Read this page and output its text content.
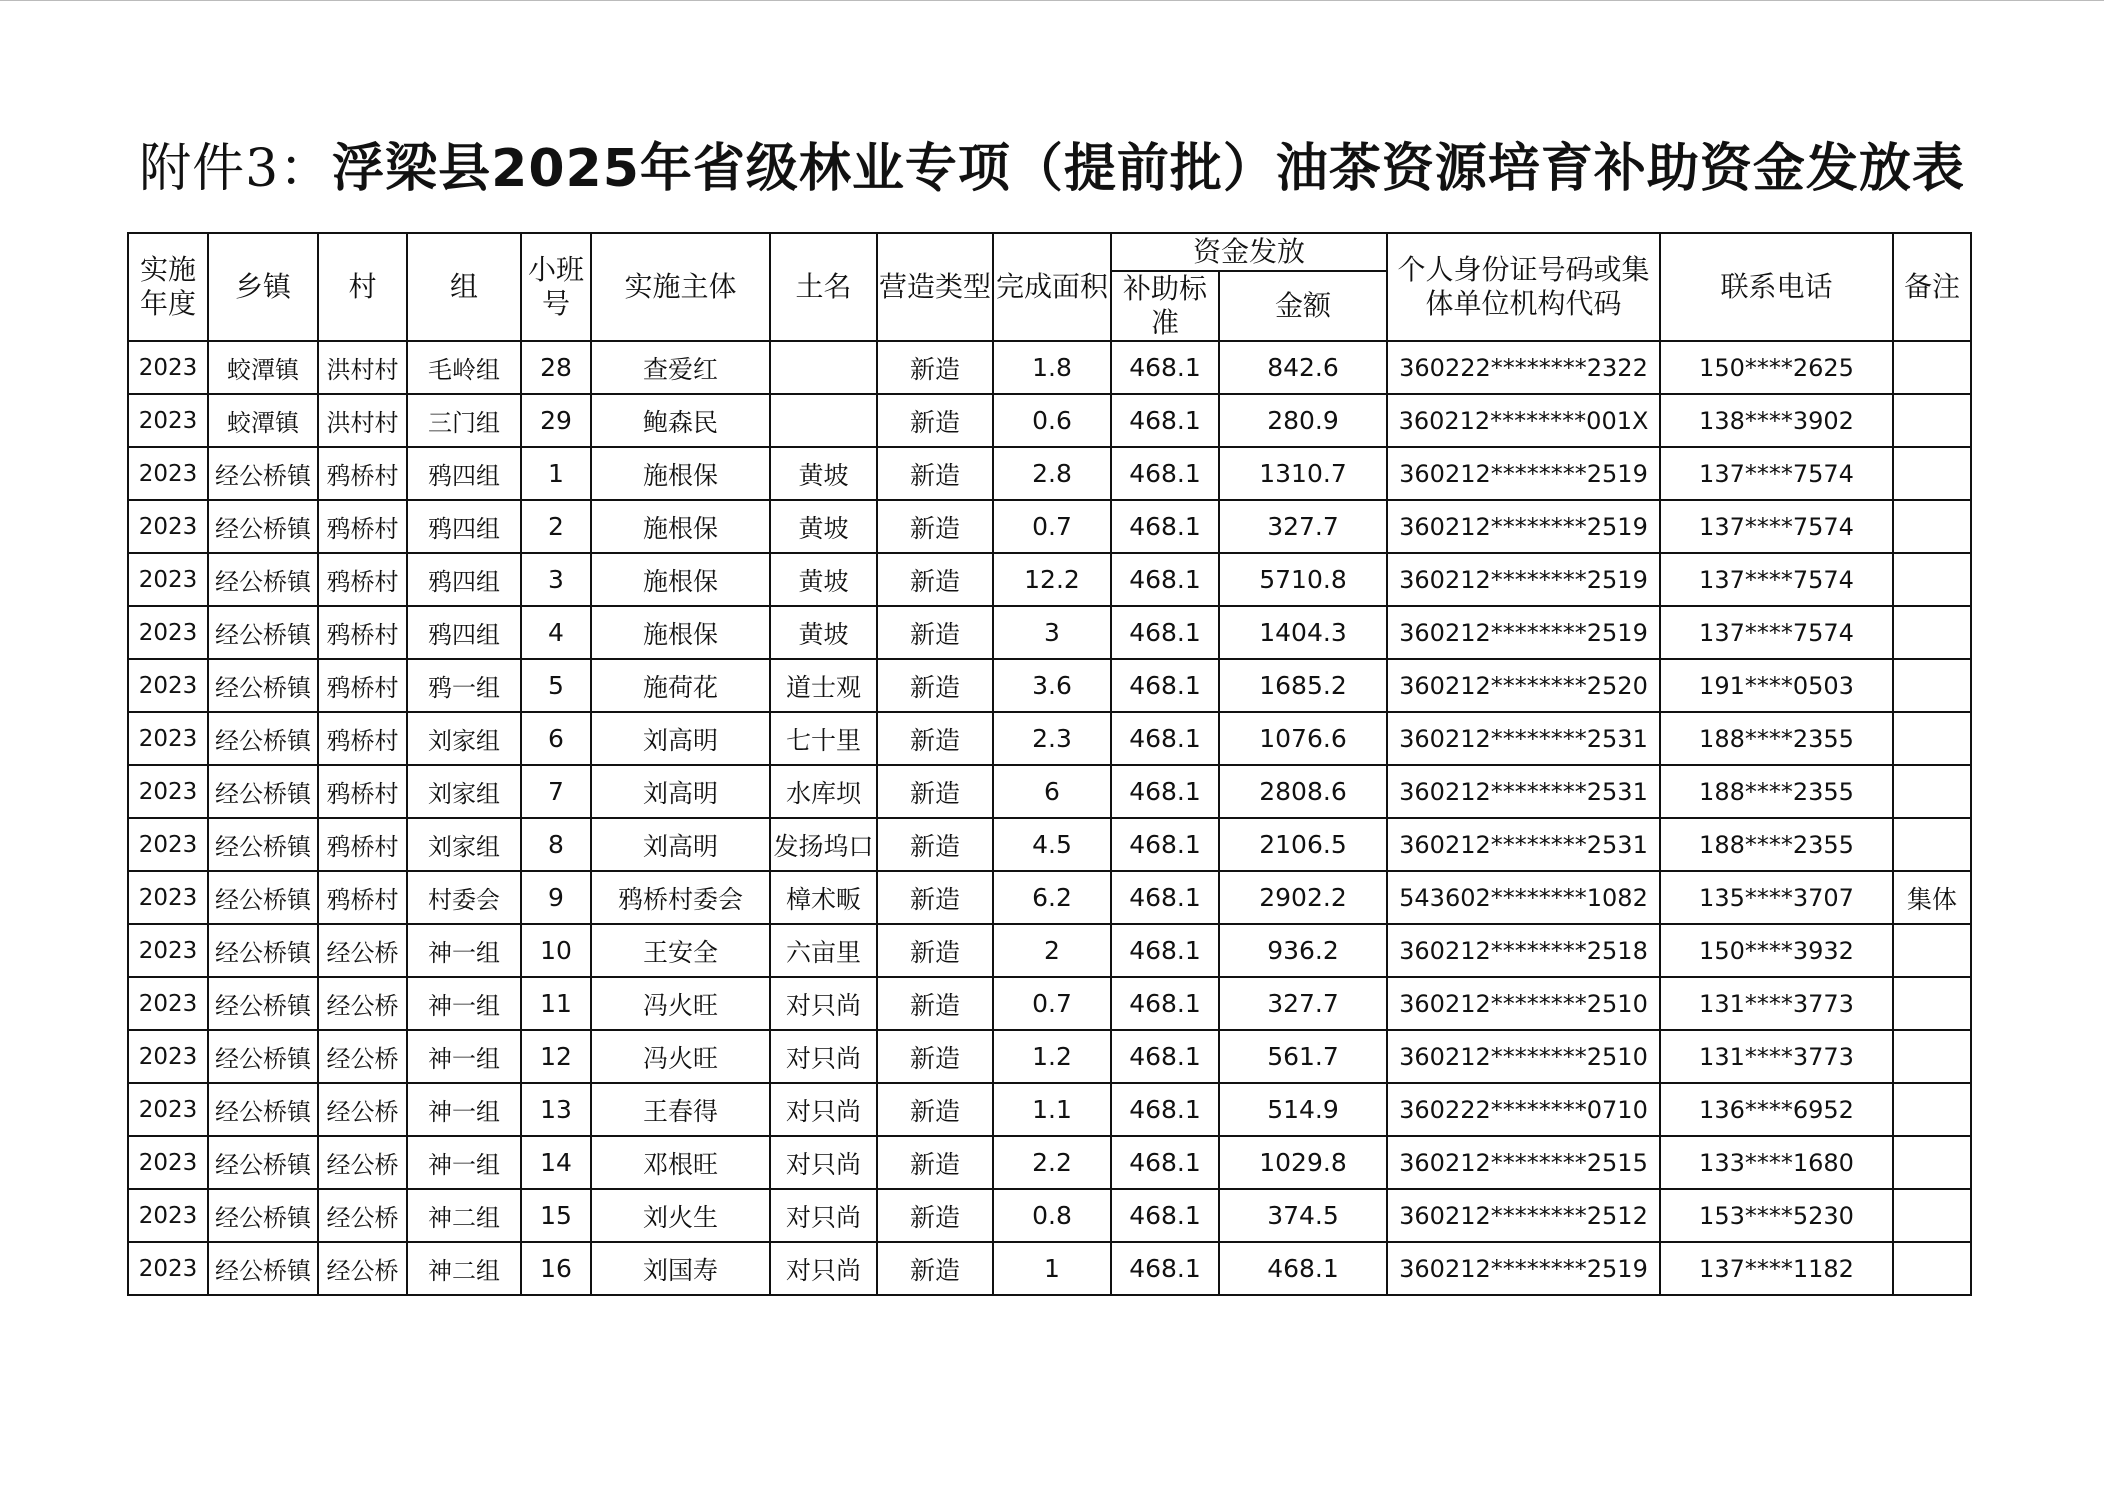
附件3：浮梁县2025年省级林业专项（提前批）油茶资源培育补助资金发放表
实施年度	乡镇	村	组	小班号	实施主体	土名	营造类型	完成面积	资金发放		个人身份证号码或集体单位机构代码	联系电话	备注
									补助标准	金额			
2023	蛟潭镇	洪村村	毛岭组	28	查爱红		新造	1.8	468.1	842.6	360222********2322	150****2625	
2023	蛟潭镇	洪村村	三门组	29	鲍森民		新造	0.6	468.1	280.9	360212********001X	138****3902	
2023	经公桥镇	鸦桥村	鸦四组	1	施根保	黄坡	新造	2.8	468.1	1310.7	360212********2519	137****7574	
2023	经公桥镇	鸦桥村	鸦四组	2	施根保	黄坡	新造	0.7	468.1	327.7	360212********2519	137****7574	
2023	经公桥镇	鸦桥村	鸦四组	3	施根保	黄坡	新造	12.2	468.1	5710.8	360212********2519	137****7574	
2023	经公桥镇	鸦桥村	鸦四组	4	施根保	黄坡	新造	3	468.1	1404.3	360212********2519	137****7574	
2023	经公桥镇	鸦桥村	鸦一组	5	施荷花	道士观	新造	3.6	468.1	1685.2	360212********2520	191****0503	
2023	经公桥镇	鸦桥村	刘家组	6	刘高明	七十里	新造	2.3	468.1	1076.6	360212********2531	188****2355	
2023	经公桥镇	鸦桥村	刘家组	7	刘高明	水库坝	新造	6	468.1	2808.6	360212********2531	188****2355	
2023	经公桥镇	鸦桥村	刘家组	8	刘高明	发扬坞口	新造	4.5	468.1	2106.5	360212********2531	188****2355	
2023	经公桥镇	鸦桥村	村委会	9	鸦桥村委会	樟术畈	新造	6.2	468.1	2902.2	543602********1082	135****3707	集体
2023	经公桥镇	经公桥	神一组	10	王安全	六亩里	新造	2	468.1	936.2	360212********2518	150****3932	
2023	经公桥镇	经公桥	神一组	11	冯火旺	对只尚	新造	0.7	468.1	327.7	360212********2510	131****3773	
2023	经公桥镇	经公桥	神一组	12	冯火旺	对只尚	新造	1.2	468.1	561.7	360212********2510	131****3773	
2023	经公桥镇	经公桥	神一组	13	王春得	对只尚	新造	1.1	468.1	514.9	360222********0710	136****6952	
2023	经公桥镇	经公桥	神一组	14	邓根旺	对只尚	新造	2.2	468.1	1029.8	360212********2515	133****1680	
2023	经公桥镇	经公桥	神二组	15	刘火生	对只尚	新造	0.8	468.1	374.5	360212********2512	153****5230	
2023	经公桥镇	经公桥	神二组	16	刘国寿	对只尚	新造	1	468.1	468.1	360212********2519	137****1182	
